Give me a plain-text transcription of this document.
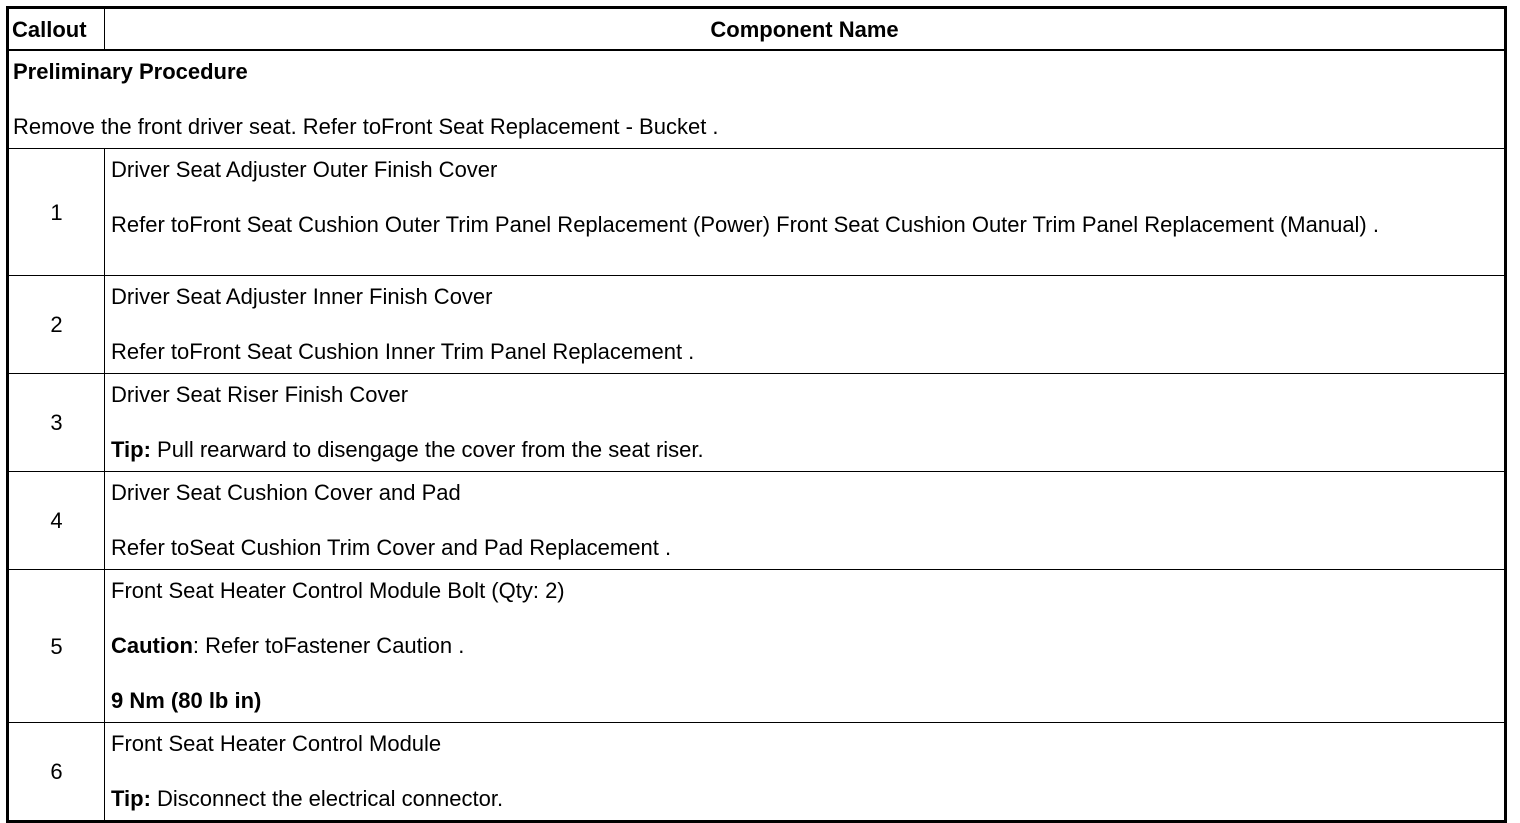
Callout	Component Name

Preliminary Procedure

Remove the front driver seat. Refer toFront Seat Replacement - Bucket .	

1	Driver Seat Adjuster Outer Finish Cover

Refer toFront Seat Cushion Outer Trim Panel Replacement (Power) Front Seat Cushion Outer Trim Panel Replacement (Manual) .

2	Driver Seat Adjuster Inner Finish Cover

Refer toFront Seat Cushion Inner Trim Panel Replacement .

3	Driver Seat Riser Finish Cover

Tip: Pull rearward to disengage the cover from the seat riser.

4	Driver Seat Cushion Cover and Pad

Refer toSeat Cushion Trim Cover and Pad Replacement .

5	Front Seat Heater Control Module Bolt (Qty: 2)

Caution: Refer toFastener Caution .

9 Nm (80 lb in)

6	Front Seat Heater Control Module

Tip: Disconnect the electrical connector.
